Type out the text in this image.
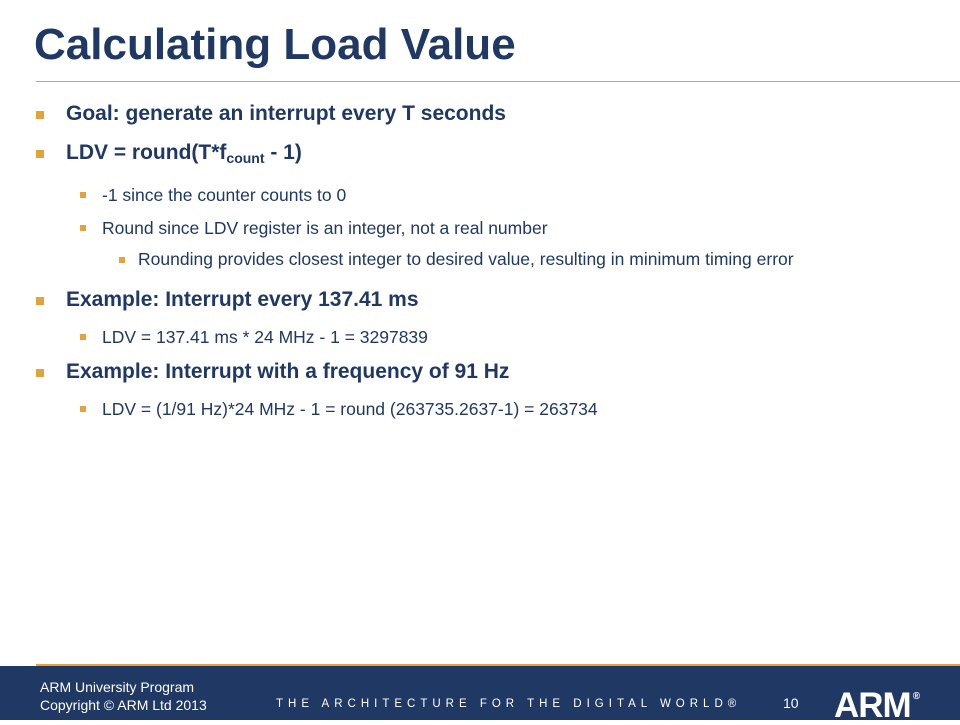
Calculating Load Value
Goal: generate an interrupt every T seconds
LDV = round(T*fcount - 1)
-1 since the counter counts to 0
Round since LDV register is an integer, not a real number
Rounding provides closest integer to desired value, resulting in minimum timing error
Example: Interrupt every 137.41 ms
LDV = 137.41 ms * 24 MHz - 1 = 3297839
Example: Interrupt with a frequency of 91 Hz
LDV = (1/91 Hz)*24 MHz - 1 = round (263735.2637-1) = 263734
ARM University Program
Copyright © ARM Ltd 2013	THE ARCHITECTURE FOR THE DIGITAL WORLD®	10 ARM ®
